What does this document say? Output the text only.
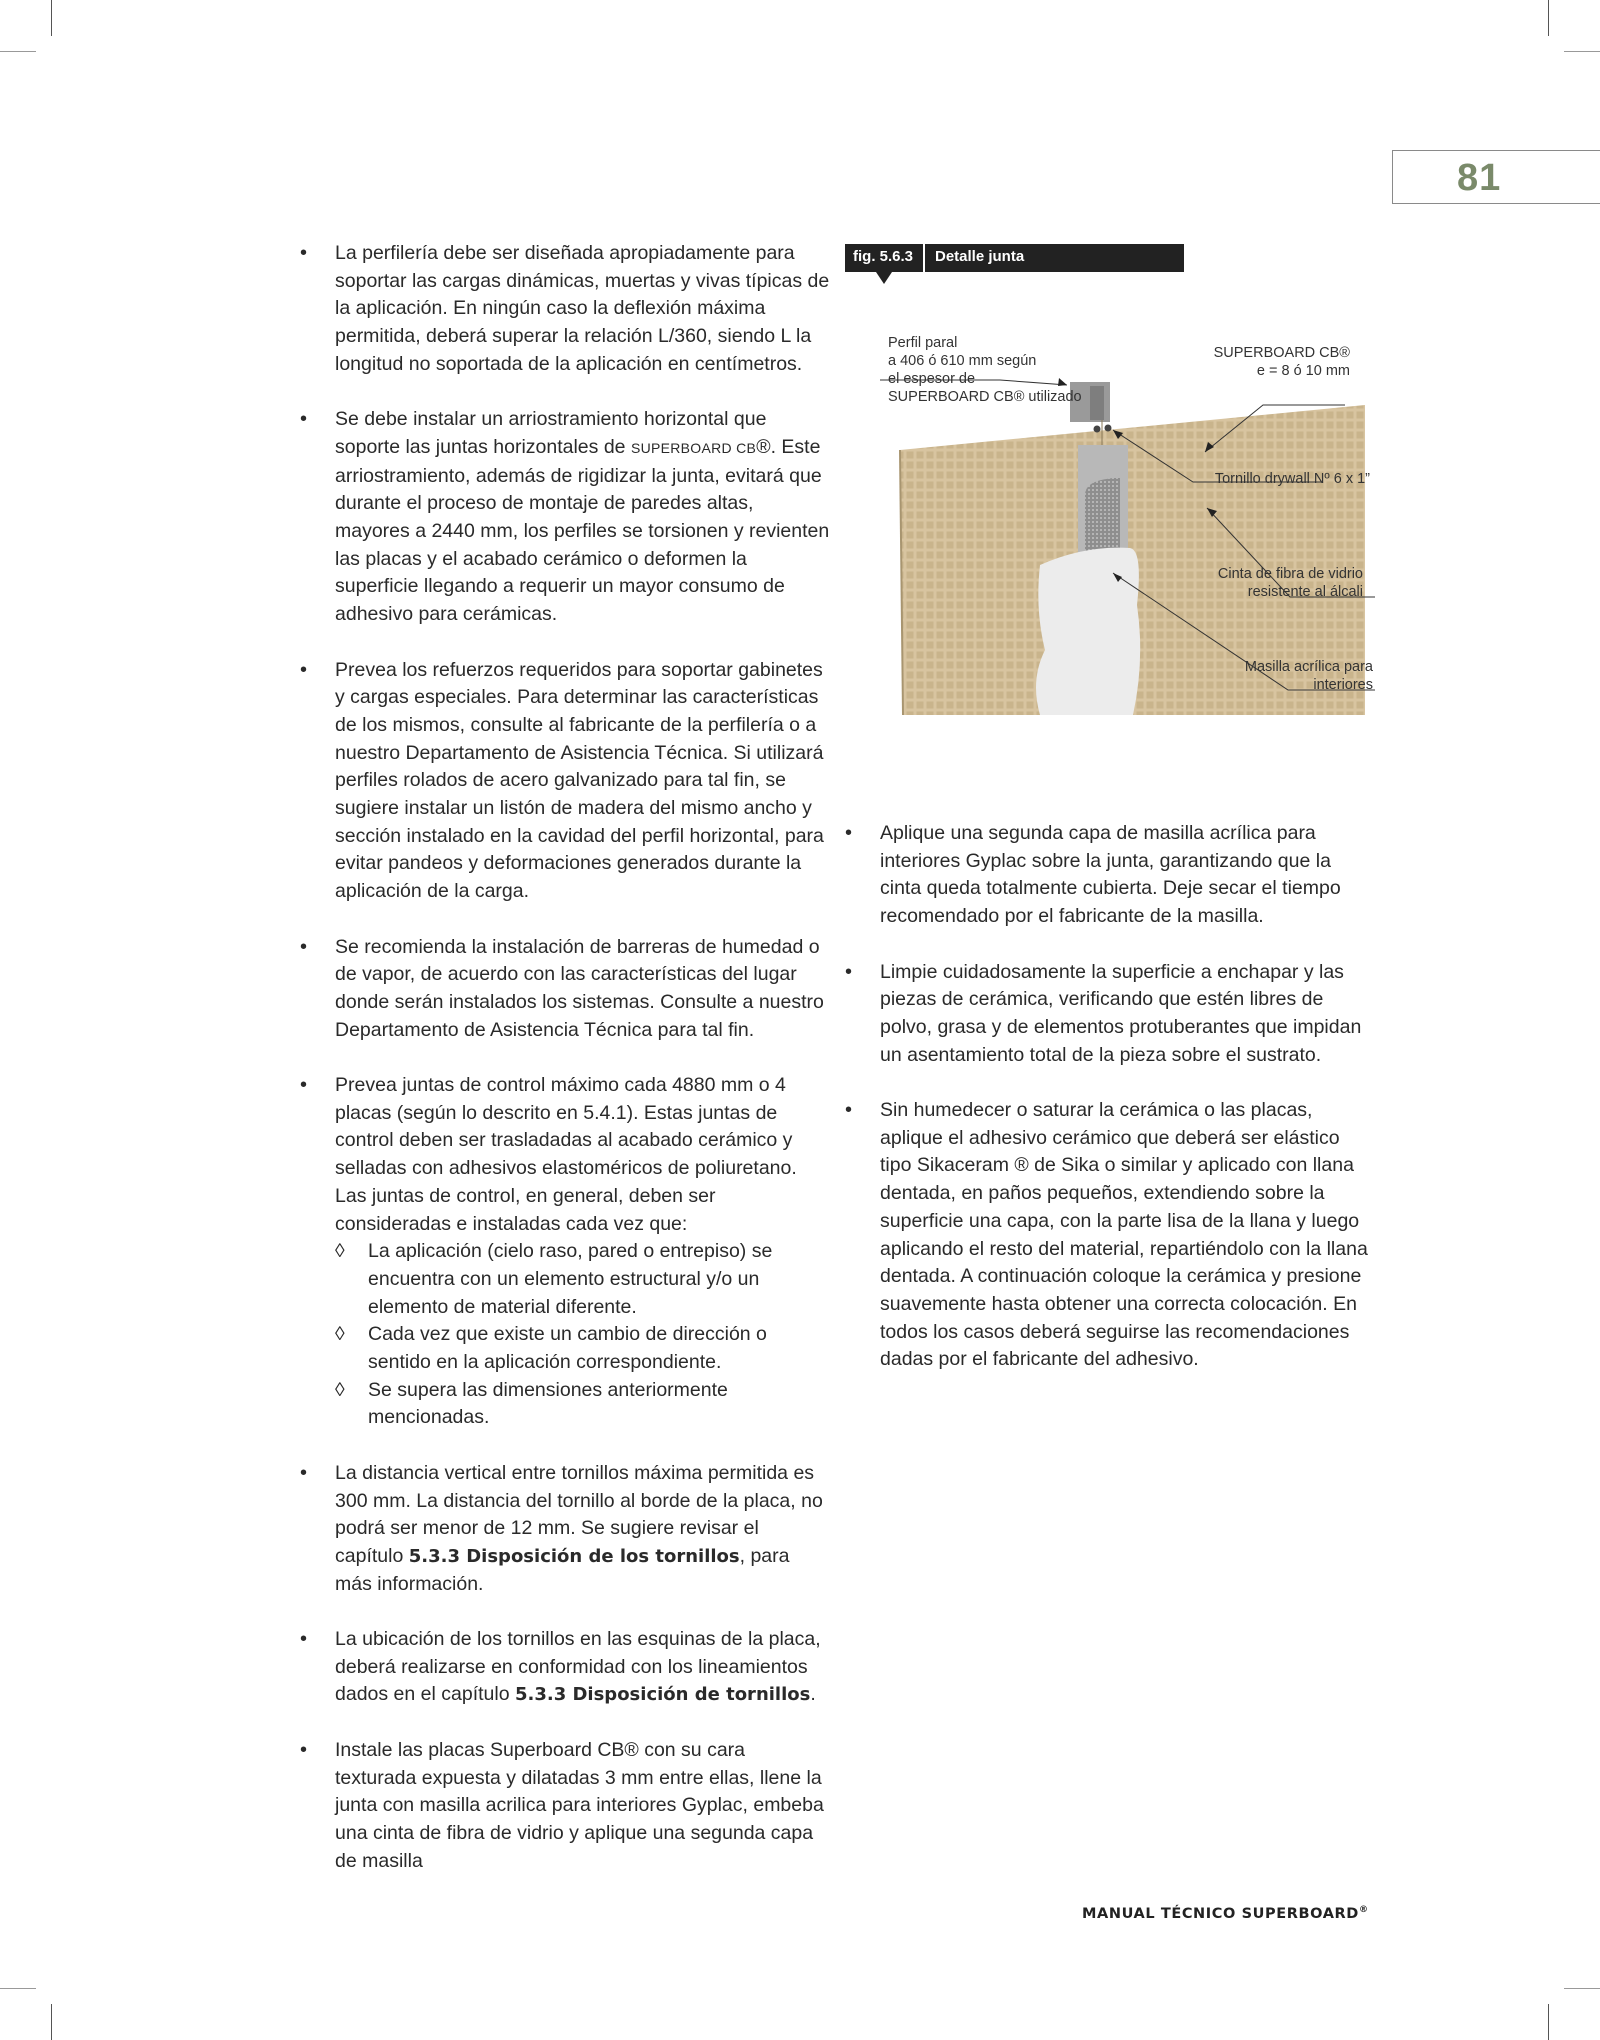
81
• La perfilería debe ser diseñada apropiadamente para soportar las cargas dinámicas, muertas y vivas típicas de la aplicación. En ningún caso la deflexión máxima permitida, deberá superar la relación L/360, siendo L la longitud no soportada de la aplicación en centímetros.
• Se debe instalar un arriostramiento horizontal que soporte las juntas horizontales de SUPERBOARD CB®. Este arriostramiento, además de rigidizar la junta, evitará que durante el proceso de montaje de paredes altas, mayores a 2440 mm, los perfiles se torsionen y revienten las placas y el acabado cerámico o deformen la superficie llegando a requerir un mayor consumo de adhesivo para cerámicas.
• Prevea los refuerzos requeridos para soportar gabinetes y cargas especiales. Para determinar las características de los mismos, consulte al fabricante de la perfilería o a nuestro Departamento de Asistencia Técnica. Si utilizará perfiles rolados de acero galvanizado para tal fin, se sugiere instalar un listón de madera del mismo ancho y sección instalado en la cavidad del perfil horizontal, para evitar pandeos y deformaciones generados durante la aplicación de la carga.
• Se recomienda la instalación de barreras de humedad o de vapor, de acuerdo con las características del lugar donde serán instalados los sistemas. Consulte a nuestro Departamento de Asistencia Técnica para tal fin.
• Prevea juntas de control máximo cada 4880 mm o 4 placas (según lo descrito en 5.4.1). Estas juntas de control deben ser trasladadas al acabado cerámico y selladas con adhesivos elastoméricos de poliuretano. Las juntas de control, en general, deben ser consideradas e instaladas cada vez que:
◊ La aplicación (cielo raso, pared o entrepiso) se encuentra con un elemento estructural y/o un elemento de material diferente.
◊ Cada vez que existe un cambio de dirección o sentido en la aplicación correspondiente.
◊ Se supera las dimensiones anteriormente mencionadas.
• La distancia vertical entre tornillos máxima permitida es 300 mm. La distancia del tornillo al borde de la placa, no podrá ser menor de 12 mm. Se sugiere revisar el capítulo 5.3.3 Disposición de los tornillos, para más información.
• La ubicación de los tornillos en las esquinas de la placa, deberá realizarse en conformidad con los lineamientos dados en el capítulo 5.3.3 Disposición de tornillos.
• Instale las placas Superboard CB® con su cara texturada expuesta y dilatadas 3 mm entre ellas, llene la junta con masilla acrilica para interiores Gyplac, embeba una cinta de fibra de vidrio y aplique una segunda capa de masilla
fig. 5.6.3	Detalle junta
Perfil paral
a 406 ó 610 mm según
el espesor de
SUPERBOARD CB® utilizado
SUPERBOARD CB®
e = 8 ó 10 mm
Tornillo drywall Nº 6 x 1”
Cinta de fibra de vidrio
resistente al álcali
Masilla acrílica para
interiores
• Aplique una segunda capa de masilla acrílica para interiores Gyplac sobre la junta, garantizando que la cinta queda totalmente cubierta. Deje secar el tiempo recomendado por el fabricante de la masilla.
• Limpie cuidadosamente la superficie a enchapar y las piezas de cerámica, verificando que estén libres de polvo, grasa y de elementos protuberantes que impidan un asentamiento total de la pieza sobre el sustrato.
• Sin humedecer o saturar la cerámica o las placas, aplique el adhesivo cerámico que deberá ser elástico tipo Sikaceram ® de Sika o similar y aplicado con llana dentada, en paños pequeños, extendiendo sobre la superficie una capa, con la parte lisa de la llana y luego aplicando el resto del material, repartiéndolo con la llana dentada. A continuación coloque la cerámica y presione suavemente hasta obtener una correcta colocación. En todos los casos deberá seguirse las recomendaciones dadas por el fabricante del adhesivo.
MANUAL TÉCNICO SUPERBOARD®
